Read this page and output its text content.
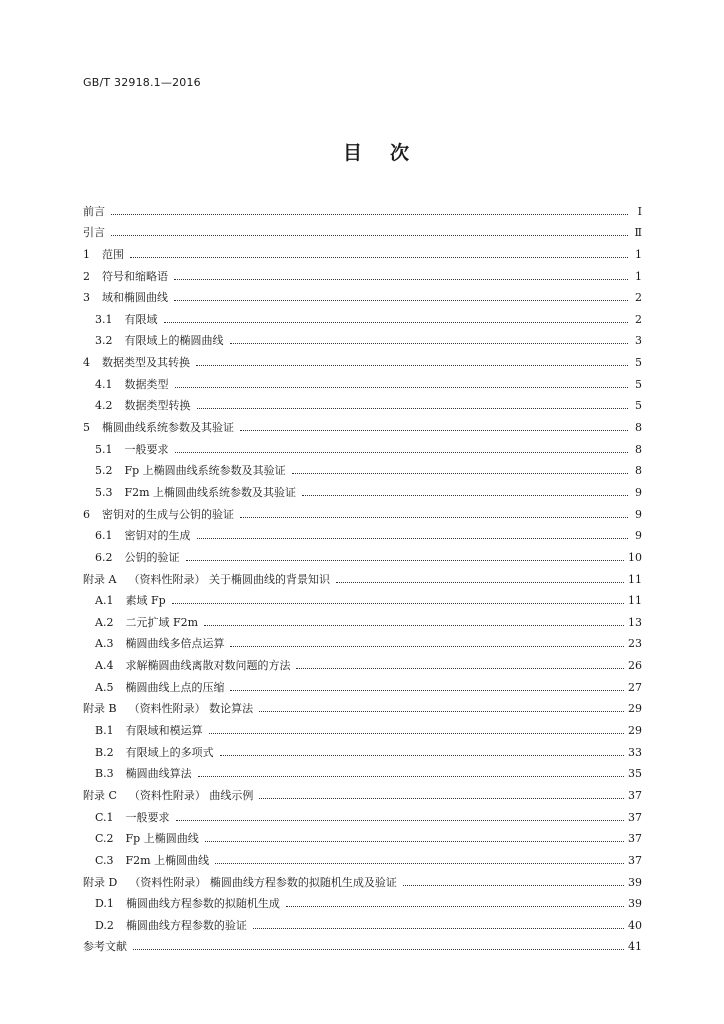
GB/T 32918.1—2016
目次
前言	Ⅰ
引言	Ⅱ
1 范围	1
2 符号和缩略语	1
3 域和椭圆曲线	2
3.1 有限域	2
3.2 有限域上的椭圆曲线	3
4 数据类型及其转换	5
4.1 数据类型	5
4.2 数据类型转换	5
5 椭圆曲线系统参数及其验证	8
5.1 一般要求	8
5.2 Fp 上椭圆曲线系统参数及其验证	8
5.3 F2m 上椭圆曲线系统参数及其验证	9
6 密钥对的生成与公钥的验证	9
6.1 密钥对的生成	9
6.2 公钥的验证	10
附录 A （资料性附录） 关于椭圆曲线的背景知识	11
A.1 素域 Fp	11
A.2 二元扩域 F2m	13
A.3 椭圆曲线多倍点运算	23
A.4 求解椭圆曲线离散对数问题的方法	26
A.5 椭圆曲线上点的压缩	27
附录 B （资料性附录） 数论算法	29
B.1 有限域和模运算	29
B.2 有限域上的多项式	33
B.3 椭圆曲线算法	35
附录 C （资料性附录） 曲线示例	37
C.1 一般要求	37
C.2 Fp 上椭圆曲线	37
C.3 F2m 上椭圆曲线	37
附录 D （资料性附录） 椭圆曲线方程参数的拟随机生成及验证	39
D.1 椭圆曲线方程参数的拟随机生成	39
D.2 椭圆曲线方程参数的验证	40
参考文献	41
